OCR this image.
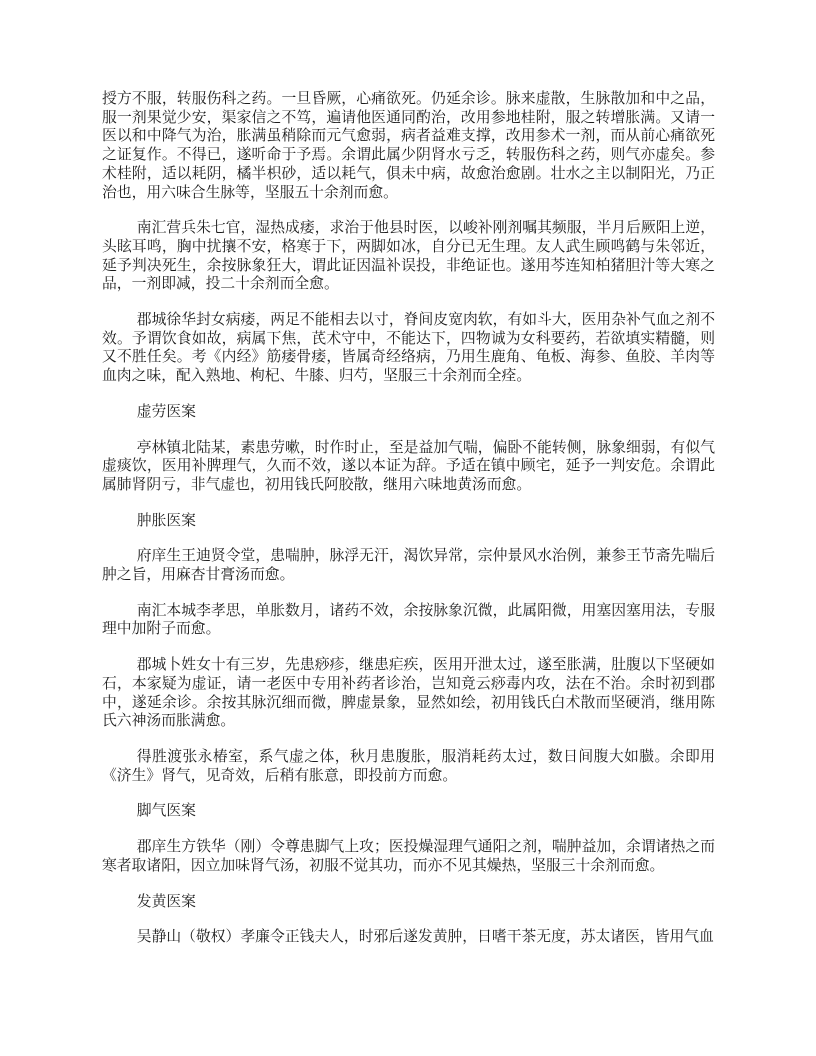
授方不服，转服伤科之药。一旦昏厥，心痛欲死。仍延余诊。脉来虚散，生脉散加和中之品，服一剂果觉少安，渠家信之不笃，遍请他医通同酌治，改用参地桂附，服之转增胀满。又请一医以和中降气为治，胀满虽稍除而元气愈弱，病者益难支撑，改用参术一剂，而从前心痛欲死之证复作。不得已，遂听命于予焉。余谓此属少阴肾水亏乏，转服伤科之药，则气亦虚矣。参术桂附，适以耗阴，橘半枳砂，适以耗气，俱未中病，故愈治愈剧。壮水之主以制阳光，乃正治也，用六味合生脉等，坚服五十余剂而愈。

南汇营兵朱七官，湿热成痿，求治于他县时医，以峻补刚剂嘱其频服，半月后厥阳上逆，头眩耳鸣，胸中扰攘不安，格寒于下，两脚如冰，自分已无生理。友人武生顾鸣鹤与朱邻近，延予判决死生，余按脉象狂大，谓此证因温补误投，非绝证也。遂用芩连知柏猪胆汁等大寒之品，一剂即减，投二十余剂而全愈。

郡城徐华封女病痿，两足不能相去以寸，脊间皮宽肉软，有如斗大，医用杂补气血之剂不效。予谓饮食如故，病属下焦，芪术守中，不能达下，四物诚为女科要药，若欲填实精髓，则又不胜任矣。考《内经》筋痿骨痿，皆属奇经络病，乃用生鹿角、龟板、海参、鱼胶、羊肉等血肉之味，配入熟地、枸杞、牛膝、归芍，坚服三十余剂而全痊。

虚劳医案

亭林镇北陆某，素患劳嗽，时作时止，至是益加气喘，偏卧不能转侧，脉象细弱，有似气虚痰饮，医用补脾理气，久而不效，遂以本证为辞。予适在镇中顾宅，延予一判安危。余谓此属肺肾阴亏，非气虚也，初用钱氏阿胶散，继用六味地黄汤而愈。

肿胀医案

府庠生王迪贤令堂，患喘肿，脉浮无汗，渴饮异常，宗仲景风水治例，兼参王节斋先喘后肿之旨，用麻杏甘膏汤而愈。

南汇本城李孝思，单胀数月，诸药不效，余按脉象沉微，此属阳微，用塞因塞用法，专服理中加附子而愈。

郡城卜姓女十有三岁，先患痧疹，继患疟疾，医用开泄太过，遂至胀满，肚腹以下坚硬如石，本家疑为虚证，请一老医中专用补药者诊治，岂知竟云痧毒内攻，法在不治。余时初到郡中，遂延余诊。余按其脉沉细而微，脾虚景象，显然如绘，初用钱氏白术散而坚硬消，继用陈氏六神汤而胀满愈。

得胜渡张永椿室，系气虚之体，秋月患腹胀，服消耗药太过，数日间腹大如臌。余即用《济生》肾气，见奇效，后稍有胀意，即投前方而愈。

脚气医案

郡庠生方铁华（刚）令尊患脚气上攻；医投燥湿理气通阳之剂，喘肿益加，余谓诸热之而寒者取诸阳，因立加味肾气汤，初服不觉其功，而亦不见其燥热，坚服三十余剂而愈。

发黄医案

吴静山（敬权）孝廉令正钱夫人，时邪后遂发黄肿，日嗜干茶无度，苏太诸医，皆用气血
